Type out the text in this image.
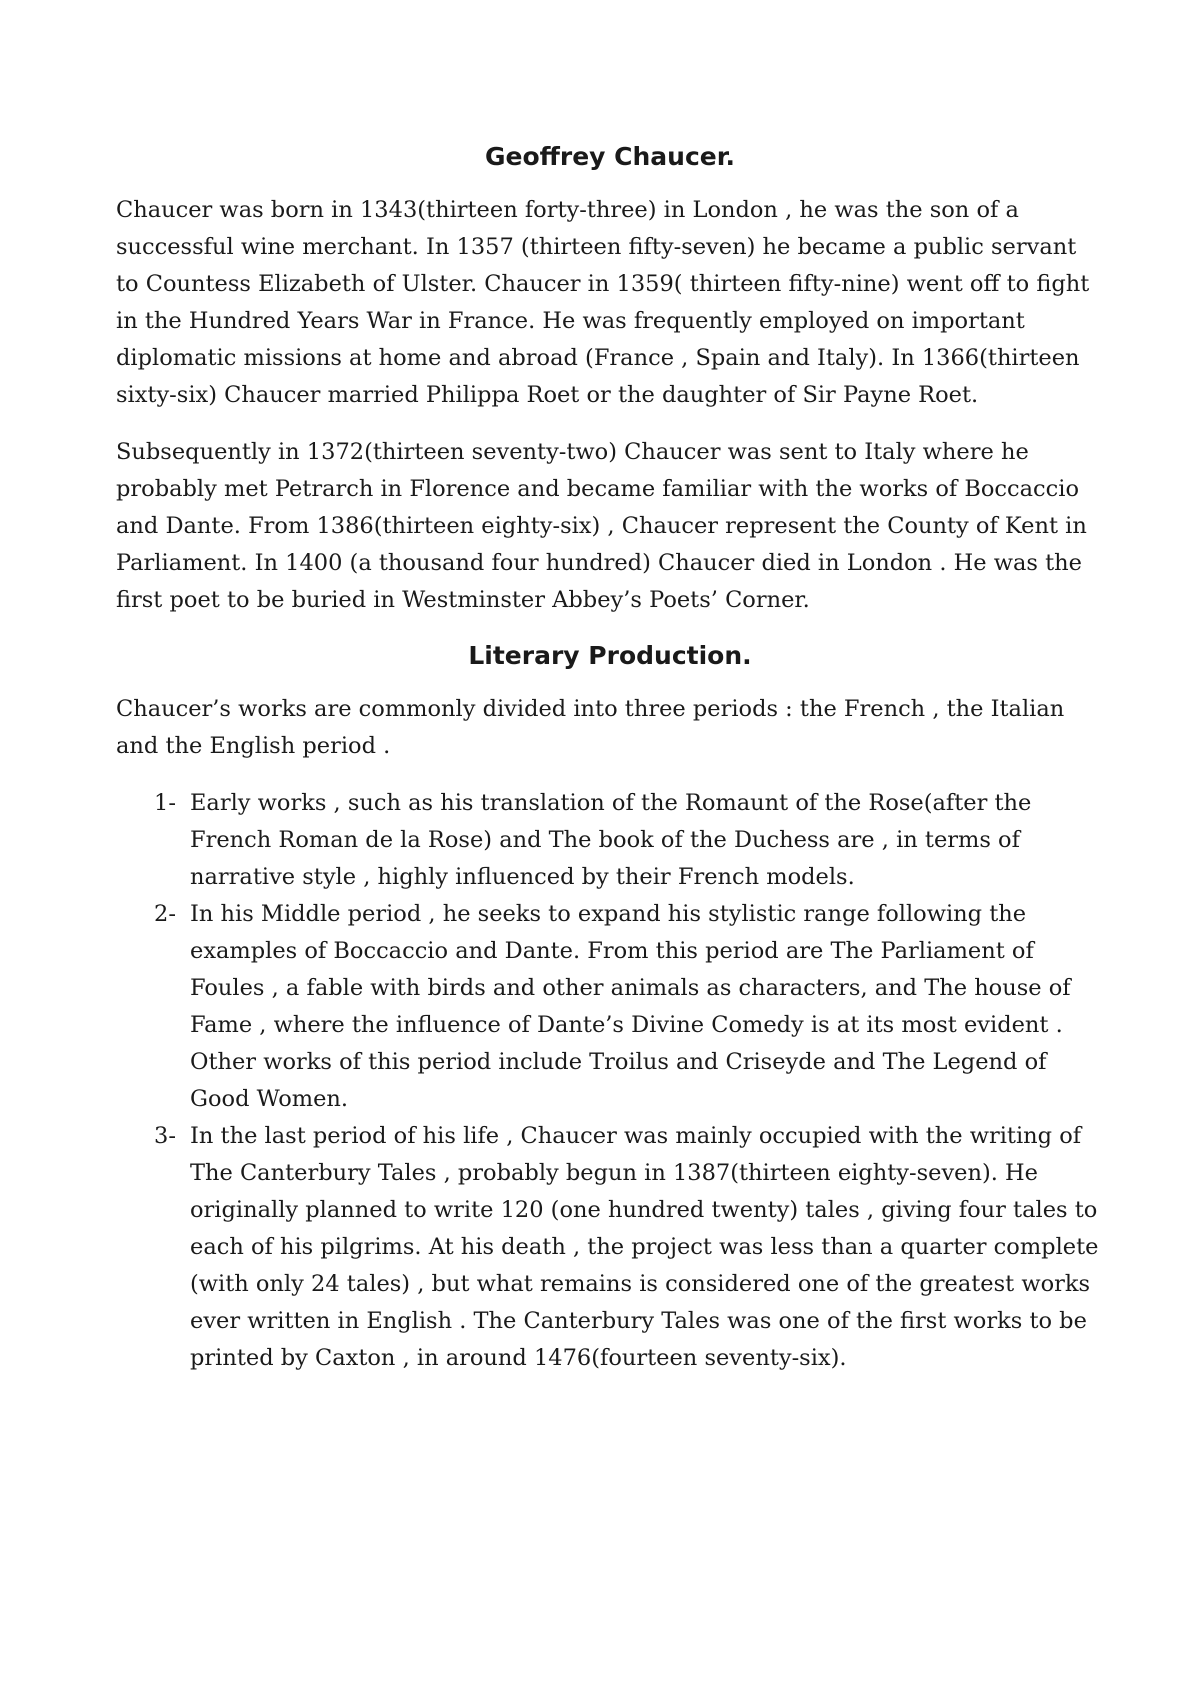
Geoffrey Chaucer.

Chaucer was born in 1343(thirteen forty-three) in London , he was the son of a successful wine merchant. In 1357 (thirteen fifty-seven) he became a public servant to Countess Elizabeth of Ulster. Chaucer in 1359( thirteen fifty-nine) went off to fight in the Hundred Years War in France. He was frequently employed on important diplomatic missions at home and abroad (France , Spain and Italy). In 1366(thirteen sixty-six) Chaucer married Philippa Roet or the daughter of Sir Payne Roet.

Subsequently in 1372(thirteen seventy-two) Chaucer was sent to Italy where he probably met Petrarch in Florence and became familiar with the works of Boccaccio and Dante. From 1386(thirteen eighty-six) , Chaucer represent the County of Kent in Parliament. In 1400 (a thousand four hundred) Chaucer died in London . He was the first poet to be buried in Westminster Abbey’s Poets’ Corner.

Literary Production.

Chaucer’s works are commonly divided into three periods : the French , the Italian and the English period .

1- Early works , such as his translation of the Romaunt of the Rose(after the French Roman de la Rose) and The book of the Duchess are , in terms of narrative style , highly influenced by their French models.
2- In his Middle period , he seeks to expand his stylistic range following the examples of Boccaccio and Dante. From this period are The Parliament of Foules , a fable with birds and other animals as characters, and The house of Fame , where the influence of Dante’s Divine Comedy is at its most evident . Other works of this period include Troilus and Criseyde and The Legend of Good Women.
3- In the last period of his life , Chaucer was mainly occupied with the writing of The Canterbury Tales , probably begun in 1387(thirteen eighty-seven). He originally planned to write 120 (one hundred twenty) tales , giving four tales to each of his pilgrims. At his death , the project was less than a quarter complete (with only 24 tales) , but what remains is considered one of the greatest works ever written in English . The Canterbury Tales was one of the first works to be printed by Caxton , in around 1476(fourteen seventy-six).
